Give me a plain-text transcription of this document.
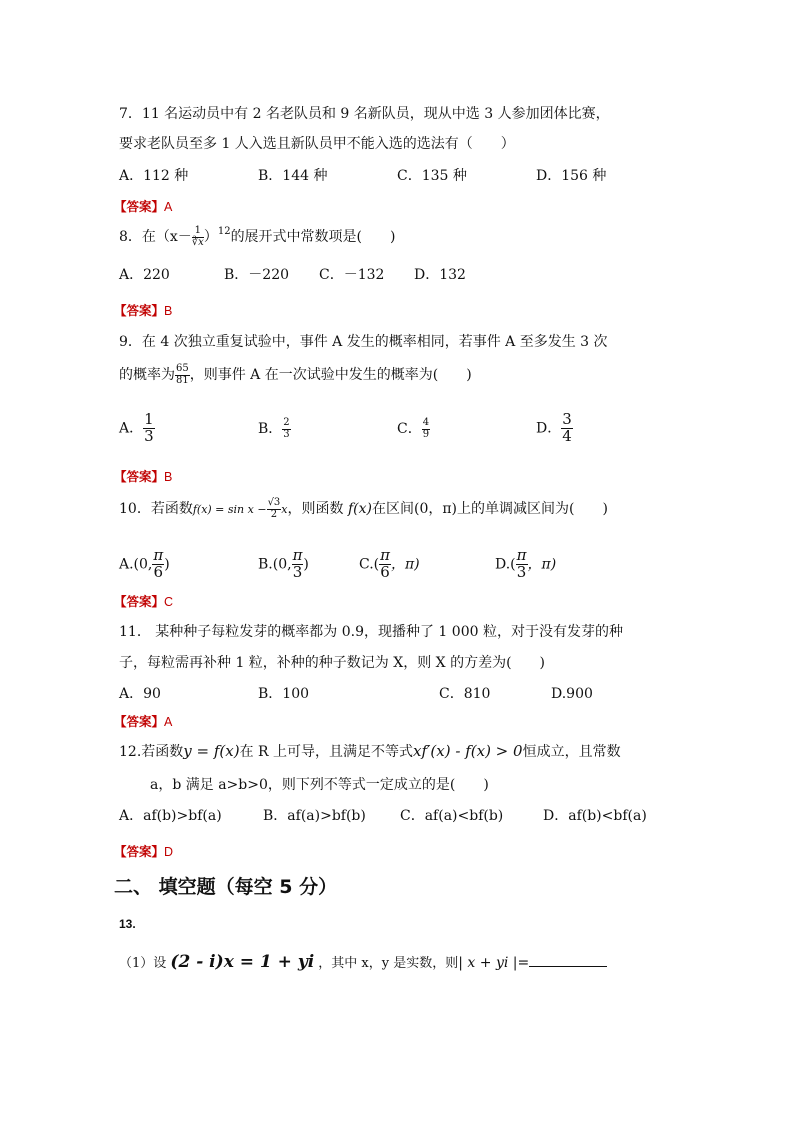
7．11 名运动员中有 2 名老队员和 9 名新队员，现从中选 3 人参加团体比赛，
要求老队员至多 1 人入选且新队员甲不能入选的选法有（　　）
A．112 种	B．144 种	C．135 种	D．156 种
【答案】A
8．在$(x- \frac{1}{∛x} )^{12}$的展开式中常数项是(　　)
A．220	B．－220 C．－132 D．132
【答案】B
9．在 4 次独立重复试验中，事件 A 发生的概率相同，若事件 A 至多发生 3 次
的概率为 $\frac{65}{81}$ ，则事件 A 在一次试验中发生的概率为(　　)
A． $\frac{1}{3}$	B． $\frac{2}{3}$	C． $\frac{4}{9}$	D． $\frac{3}{4}$
【答案】B
10．若函数$f(x) = \sin x - \frac{√3}{2}$ x，则函数 f(x)在区间(0，π)上的单调减区间为(　　)
A.(0, $\frac{\pi}{6}$ )	B.(0, $\frac{\pi}{3}$ )	$C.( \frac{\pi}{6}$ ，π)	$D.( \frac{\pi}{3}$ ，π)
【答案】C
11． 某种种子每粒发芽的概率都为 0.9，现播种了 1 000 粒，对于没有发芽的种
子，每粒需再补种 1 粒，补种的种子数记为 X，则 X 的方差为(　　)
A．90	B．100	C．810	D.900
【答案】A
12.若函数y = f(x)在 R 上可导，且满足不等式xf′(x) - f(x) > 0恒成立，且常数
a，b 满足 a>b>0，则下列不等式一定成立的是(　　)
A．af(b)>bf(a)	B．af(a)>bf(b) C．af(a)<bf(b)	D．af(b)<bf(a)
【答案】D
二、 填空题（每空 5 分）
13.
（1）设 (2 - i)x = 1 + yi ，其中 x，y 是实数，则| x + yi |=
